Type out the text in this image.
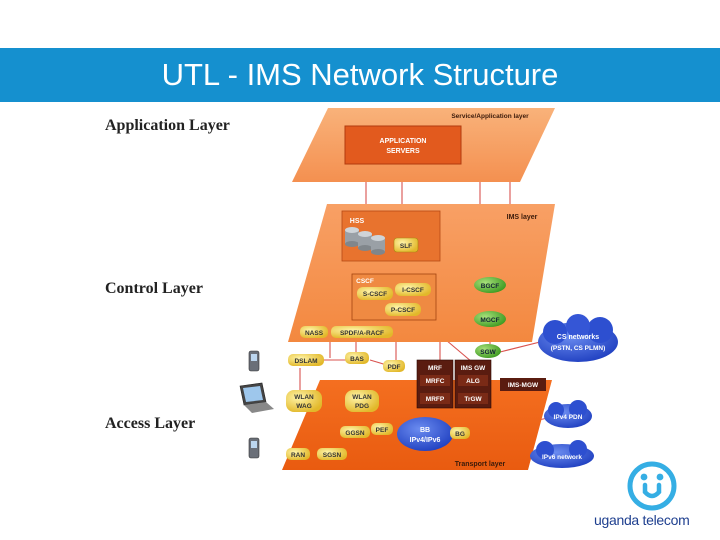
UTL - IMS Network Structure
Application Layer
Control Layer
Access Layer
Service/Application layer
APPLICATION
SERVERS
IMS layer
HSS
SLF
CSCF
S-CSCF
I-CSCF
P-CSCF
BGCF
MGCF
SGW
NASS	SPDF/A-RACF
Transport layer
MRF
MRFC
MRFP
IMS GW
ALG
TrGW
IMS-MGW
DSLAM	BAS
PDF
WLAN
WAG
WLAN
PDG
GGSN PEF	BB
IPv4/IPv6
BG
RAN	SGSN
CS networks
(PSTN, CS PLMN)
IPv4 PDN
IPv6 network
uganda telecom
